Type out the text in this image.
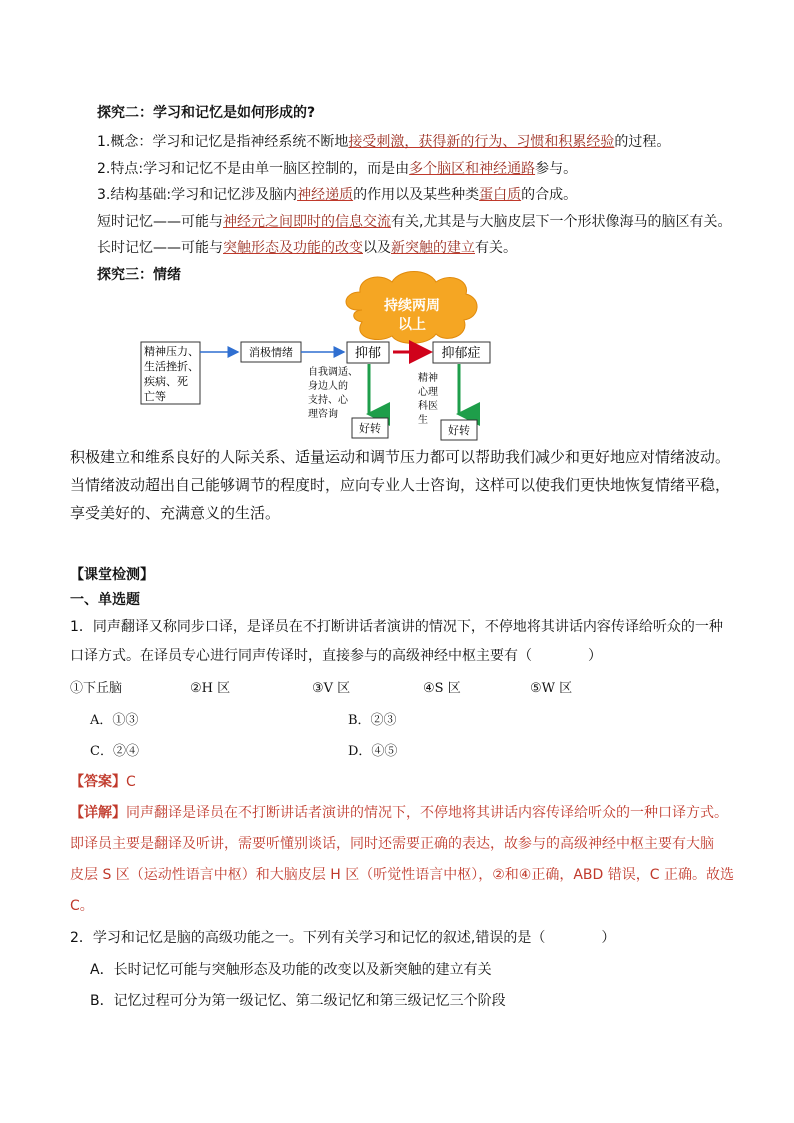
探究二：学习和记忆是如何形成的?
1.概念：学习和记忆是指神经系统不断地接受刺激，获得新的行为、习惯和积累经验的过程。
2.特点:学习和记忆不是由单一脑区控制的，而是由多个脑区和神经通路参与。
3.结构基础:学习和记忆涉及脑内神经递质的作用以及某些种类蛋白质的合成。
短时记忆——可能与神经元之间即时的信息交流有关,尤其是与大脑皮层下一个形状像海马的脑区有关。
长时记忆——可能与突触形态及功能的改变以及新突触的建立有关。
探究三：情绪
持续两周
以上
精神压力、
生活挫折、
疾病、死
亡等
消极情绪	抑郁	抑郁症
自我调适、
身边人的
支持、心
理咨询
精神
心理
科医
生
好转	好转
积极建立和维系良好的人际关系、适量运动和调节压力都可以帮助我们减少和更好地应对情绪波动。当情绪波动超出自己能够调节的程度时，应向专业人士咨询，这样可以使我们更快地恢复情绪平稳，享受美好的、充满意义的生活。
【课堂检测】
一、单选题
1．同声翻译又称同步口译，是译员在不打断讲话者演讲的情况下，不停地将其讲话内容传译给听众的一种
口译方式。在译员专心进行同声传译时，直接参与的高级神经中枢主要有（　　　　）
①下丘脑	②H 区	③V 区	④S 区	⑤W 区
A．①③	B．②③
C．②④	D．④⑤
【答案】C
【详解】同声翻译是译员在不打断讲话者演讲的情况下，不停地将其讲话内容传译给听众的一种口译方式。
即译员主要是翻译及听讲，需要听懂别谈话，同时还需要正确的表达，故参与的高级神经中枢主要有大脑
皮层 S 区（运动性语言中枢）和大脑皮层 H 区（听觉性语言中枢），②和④正确，ABD 错误，C 正确。故选
C。
2．学习和记忆是脑的高级功能之一。下列有关学习和记忆的叙述,错误的是（　　　　）
A．长时记忆可能与突触形态及功能的改变以及新突触的建立有关
B．记忆过程可分为第一级记忆、第二级记忆和第三级记忆三个阶段
